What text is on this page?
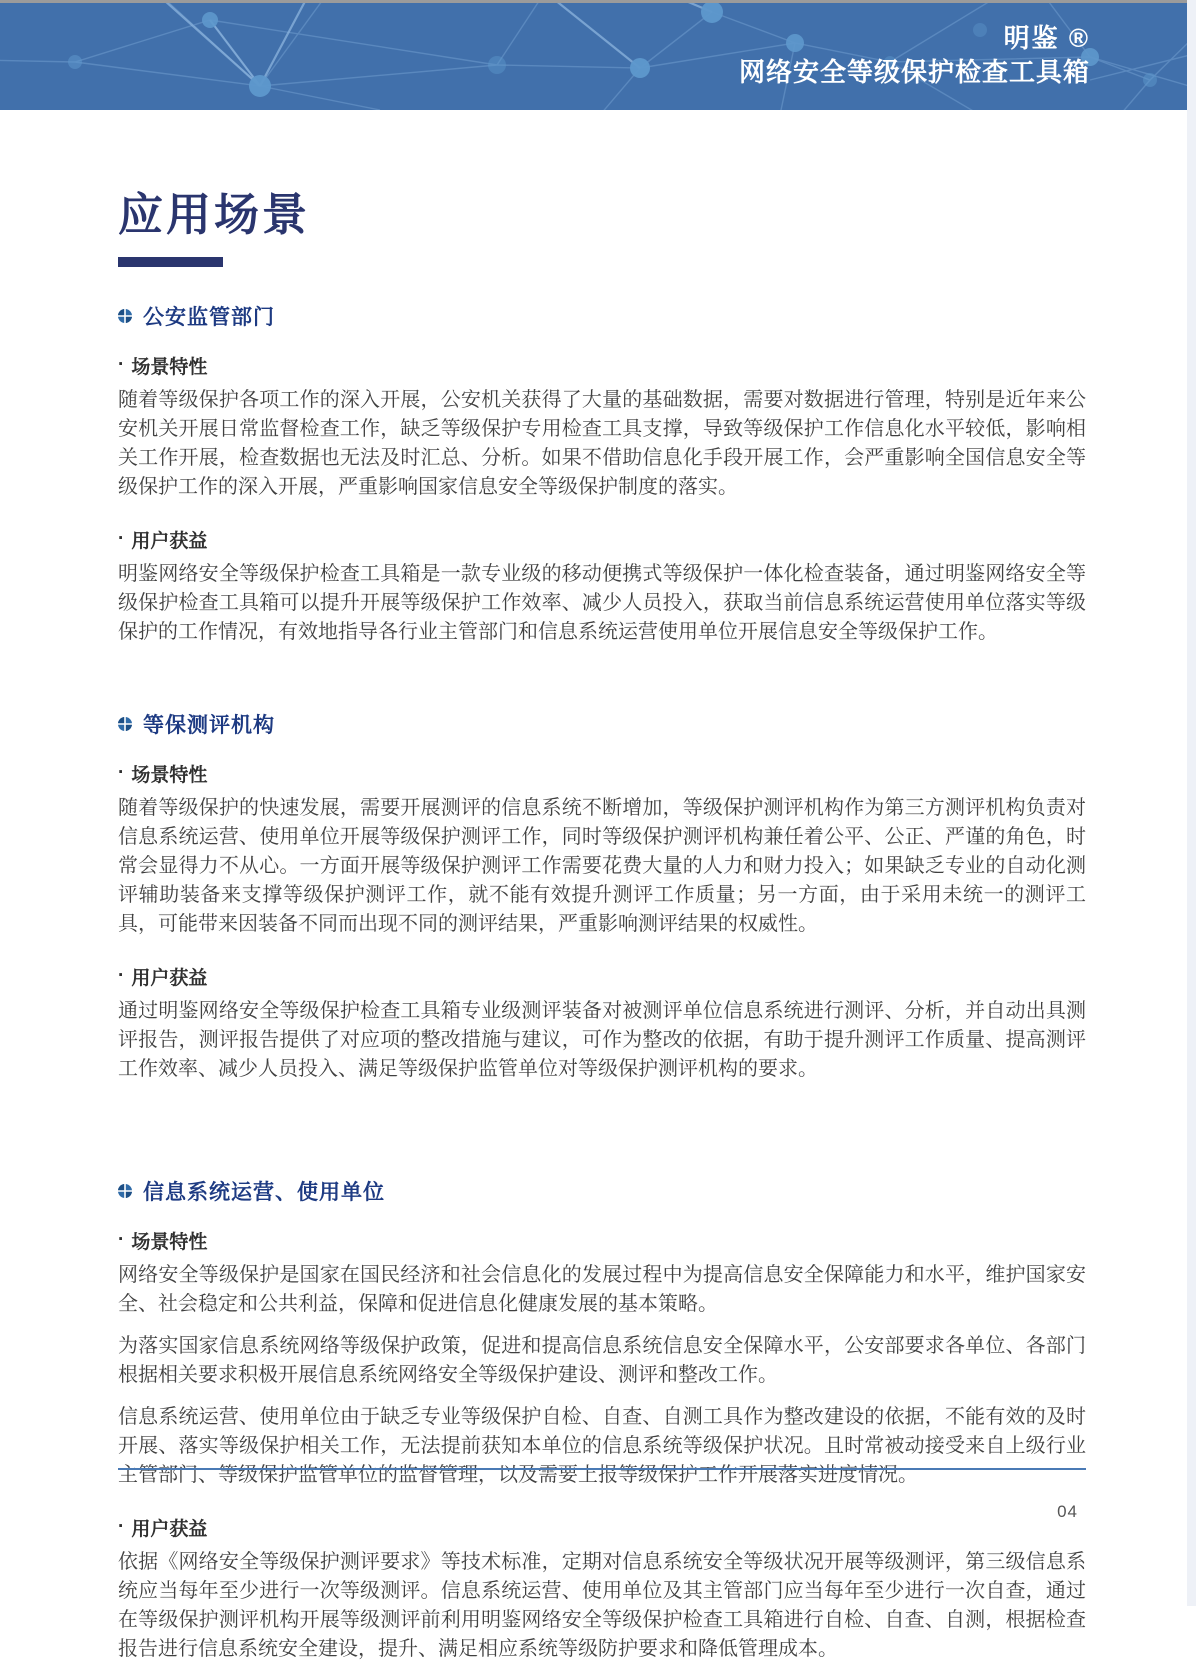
明鉴 ®
网络安全等级保护检查工具箱
应用场景
公安监管部门
· 场景特性

随着等级保护各项工作的深入开展，公安机关获得了大量的基础数据，需要对数据进行管理，特别是近年来公安机关开展日常监督检查工作，缺乏等级保护专用检查工具支撑，导致等级保护工作信息化水平较低，影响相关工作开展，检查数据也无法及时汇总、分析。如果不借助信息化手段开展工作，会严重影响全国信息安全等级保护工作的深入开展，严重影响国家信息安全等级保护制度的落实。

· 用户获益

明鉴网络安全等级保护检查工具箱是一款专业级的移动便携式等级保护一体化检查装备，通过明鉴网络安全等级保护检查工具箱可以提升开展等级保护工作效率、减少人员投入，获取当前信息系统运营使用单位落实等级保护的工作情况，有效地指导各行业主管部门和信息系统运营使用单位开展信息安全等级保护工作。

等保测评机构
· 场景特性

随着等级保护的快速发展，需要开展测评的信息系统不断增加，等级保护测评机构作为第三方测评机构负责对信息系统运营、使用单位开展等级保护测评工作，同时等级保护测评机构兼任着公平、公正、严谨的角色，时常会显得力不从心。一方面开展等级保护测评工作需要花费大量的人力和财力投入；如果缺乏专业的自动化测评辅助装备来支撑等级保护测评工作，就不能有效提升测评工作质量；另一方面，由于采用未统一的测评工具，可能带来因装备不同而出现不同的测评结果，严重影响测评结果的权威性。

· 用户获益

通过明鉴网络安全等级保护检查工具箱专业级测评装备对被测评单位信息系统进行测评、分析，并自动出具测评报告，测评报告提供了对应项的整改措施与建议，可作为整改的依据，有助于提升测评工作质量、提高测评工作效率、减少人员投入、满足等级保护监管单位对等级保护测评机构的要求。

信息系统运营、使用单位
· 场景特性

网络安全等级保护是国家在国民经济和社会信息化的发展过程中为提高信息安全保障能力和水平，维护国家安全、社会稳定和公共利益，保障和促进信息化健康发展的基本策略。

为落实国家信息系统网络等级保护政策，促进和提高信息系统信息安全保障水平，公安部要求各单位、各部门根据相关要求积极开展信息系统网络安全等级保护建设、测评和整改工作。

信息系统运营、使用单位由于缺乏专业等级保护自检、自查、自测工具作为整改建设的依据，不能有效的及时开展、落实等级保护相关工作，无法提前获知本单位的信息系统等级保护状况。且时常被动接受来自上级行业主管部门、等级保护监管单位的监督管理，以及需要上报等级保护工作开展落实进度情况。

· 用户获益

依据《网络安全等级保护测评要求》等技术标准，定期对信息系统安全等级状况开展等级测评，第三级信息系统应当每年至少进行一次等级测评。信息系统运营、使用单位及其主管部门应当每年至少进行一次自查，通过在等级保护测评机构开展等级测评前利用明鉴网络安全等级保护检查工具箱进行自检、自查、自测，根据检查报告进行信息系统安全建设，提升、满足相应系统等级防护要求和降低管理成本。

04
